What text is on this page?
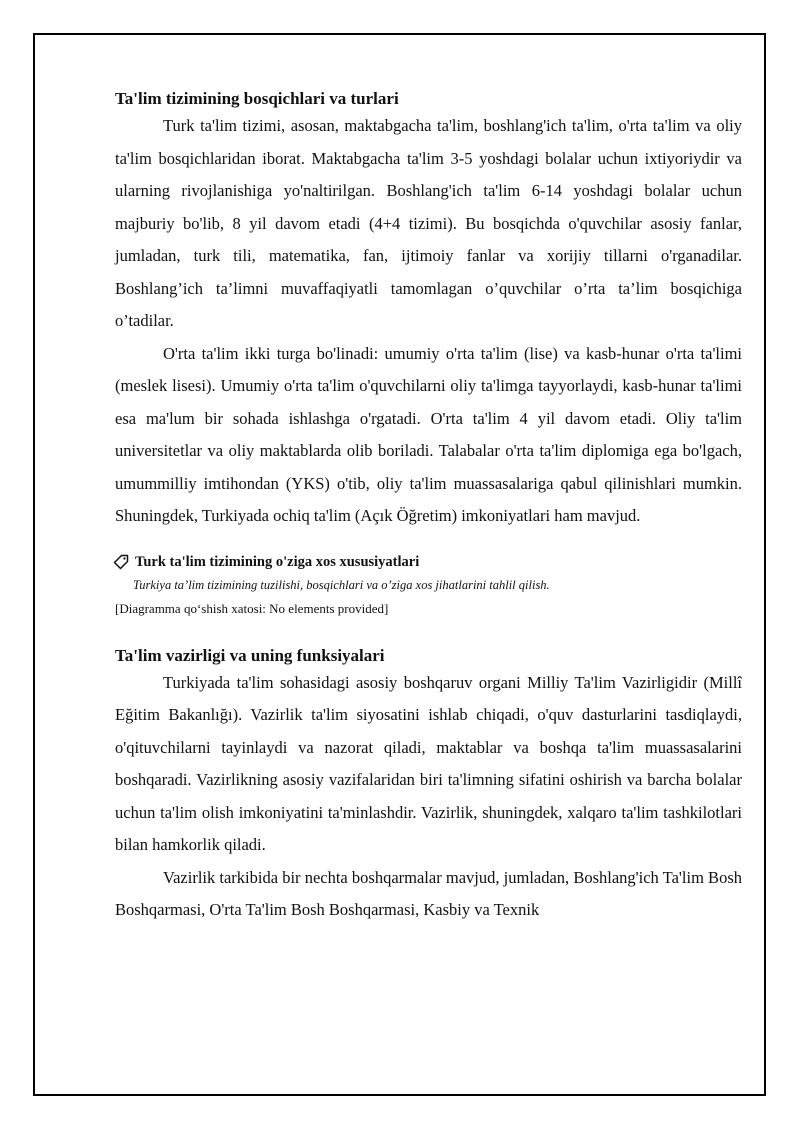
Ta'lim tizimining bosqichlari va turlari

Turk ta'lim tizimi, asosan, maktabgacha ta'lim, boshlang'ich ta'lim, o'rta ta'lim va oliy ta'lim bosqichlaridan iborat. Maktabgacha ta'lim 3-5 yoshdagi bolalar uchun ixtiyoriydir va ularning rivojlanishiga yo'naltirilgan. Boshlang'ich ta'lim 6-14 yoshdagi bolalar uchun majburiy bo'lib, 8 yil davom etadi (4+4 tizimi). Bu bosqichda o'quvchilar asosiy fanlar, jumladan, turk tili, matematika, fan, ijtimoiy fanlar va xorijiy tillarni o'rganadilar. Boshlang’ich ta’limni muvaffaqiyatli tamomlagan o’quvchilar o’rta ta’lim bosqichiga o’tadilar.

O'rta ta'lim ikki turga bo'linadi: umumiy o'rta ta'lim (lise) va kasb-hunar o'rta ta'limi (meslek lisesi). Umumiy o'rta ta'lim o'quvchilarni oliy ta'limga tayyorlaydi, kasb-hunar ta'limi esa ma'lum bir sohada ishlashga o'rgatadi. O'rta ta'lim 4 yil davom etadi. Oliy ta'lim universitetlar va oliy maktablarda olib boriladi. Talabalar o'rta ta'lim diplomiga ega bo'lgach, umummilliy imtihondan (YKS) o'tib, oliy ta'lim muassasalariga qabul qilinishlari mumkin. Shuningdek, Turkiyada ochiq ta'lim (Açık Öğretim) imkoniyatlari ham mavjud.

Turk ta'lim tizimining o'ziga xos xususiyatlari
Turkiya ta’lim tizimining tuzilishi, bosqichlari va o’ziga xos jihatlarini tahlil qilish.
[Diagramma qo‘shish xatosi: No elements provided]
Ta'lim vazirligi va uning funksiyalari

Turkiyada ta'lim sohasidagi asosiy boshqaruv organi Milliy Ta'lim Vazirligidir (Millî Eğitim Bakanlığı). Vazirlik ta'lim siyosatini ishlab chiqadi, o'quv dasturlarini tasdiqlaydi, o'qituvchilarni tayinlaydi va nazorat qiladi, maktablar va boshqa ta'lim muassasalarini boshqaradi. Vazirlikning asosiy vazifalaridan biri ta'limning sifatini oshirish va barcha bolalar uchun ta'lim olish imkoniyatini ta'minlashdir. Vazirlik, shuningdek, xalqaro ta'lim tashkilotlari bilan hamkorlik qiladi.

Vazirlik tarkibida bir nechta boshqarmalar mavjud, jumladan, Boshlang'ich Ta'lim Bosh Boshqarmasi, O'rta Ta'lim Bosh Boshqarmasi, Kasbiy va Texnik
